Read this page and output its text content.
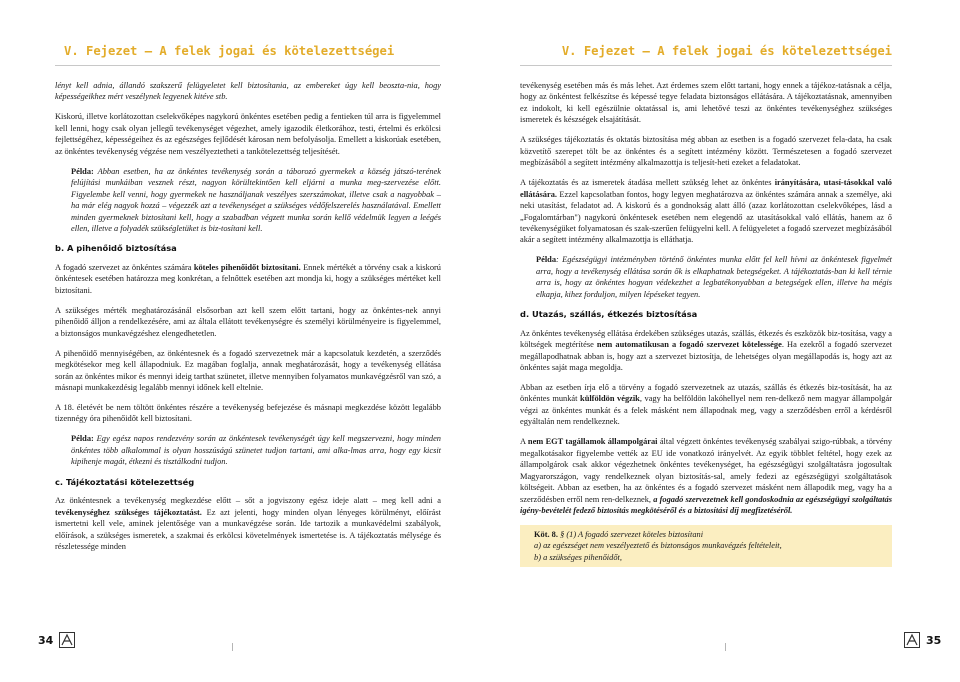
V. Fejezet – A felek jogai és kötelezettségei

lényt kell adnia, állandó szakszerű felügyeletet kell biztosítania, az embereket úgy kell beoszta-nia, hogy képességeikhez mért veszélynek legyenek kitéve stb.

Kiskorú, illetve korlátozottan cselekvőképes nagykorú önkéntes esetében pedig a fentieken túl arra is figyelemmel kell lenni, hogy csak olyan jellegű tevékenységet végezhet, amely igazodik életkorához, testi, értelmi és erkölcsi fejlettségéhez, képességeihez és az egészséges fejlődését károsan nem befolyásolja. Emellett a kiskorúak esetében, az önkéntes tevékenység végzése nem veszélyeztetheti a tankötelezettség teljesítését.

Példa: Abban esetben, ha az önkéntes tevékenység során a táborozó gyermekek a község játszó-terének felújítási munkáiban vesznek részt, nagyon körültekintően kell eljárni a munka meg-szervezése előtt. Figyelembe kell venni, hogy gyermekek ne használjanak veszélyes szerszámokat, illetve csak a nagyobbak – ha már elég nagyok hozzá – végezzék azt a tevékenységet a szükséges védőfelszerelés használatával. Emellett minden gyermeknek biztosítani kell, hogy a szabadban végzett munka során kellő védelmük legyen a leégés ellen, illetve a folyadék szükségletüket is biz-tosítani kell.

b. A pihenőidő biztosítása

A fogadó szervezet az önkéntes számára köteles pihenőidőt biztosítani. Ennek mértékét a törvény csak a kiskorú önkéntesek esetében határozza meg konkrétan, a felnőttek esetében azt mondja ki, hogy a szükséges mértéket kell biztosítani.

A szükséges mérték meghatározásánál elsősorban azt kell szem előtt tartani, hogy az önkéntes-nek annyi pihenőidő álljon a rendelkezésére, ami az általa ellátott tevékenységre és személyi körülményeire is figyelemmel, a biztonságos munkavégzéshez elengedhetetlen.

A pihenőidő mennyiségében, az önkéntesnek és a fogadó szervezetnek már a kapcsolatuk kezdetén, a szerződés megkötésekor meg kell állapodniuk. Ez magában foglalja, annak meghatározását, hogy a tevékenység ellátása során az önkéntes mikor és mennyi ideig tarthat szünetet, illetve mennyiben folyamatos munkavégzésről van szó, a másnapi munkakezdésig legalább mennyi időnek kell eltelnie.

A 18. életévét be nem töltött önkéntes részére a tevékenység befejezése és másnapi megkezdése között legalább tizennégy óra pihenőidőt kell biztosítani.

Példa: Egy egész napos rendezvény során az önkéntesek tevékenységét úgy kell megszervezni, hogy minden önkéntes több alkalommal is olyan hosszúságú szünetet tudjon tartani, ami alka-lmas arra, hogy egy kicsit kipihenje magát, étkezni és tisztálkodni tudjon.

c. Tájékoztatási kötelezettség

Az önkéntesnek a tevékenység megkezdése előtt – sőt a jogviszony egész ideje alatt – meg kell adni a tevékenységhez szükséges tájékoztatást. Ez azt jelenti, hogy minden olyan lényeges körülményt, előírást ismertetni kell vele, aminek jelentősége van a munkavégzése során. Ide tartozik a munkavédelmi szabályok, előírások, a szükséges ismeretek, a szakmai és erkölcsi követelmények ismertetése is. A tájékoztatás mélysége és részletessége minden

34
V. Fejezet – A felek jogai és kötelezettségei

tevékenység esetében más és más lehet. Azt érdemes szem előtt tartani, hogy ennek a tájékoz-tatásnak a célja, hogy az önkéntest felkészítse és képessé tegye feladata biztonságos ellátására. A tájékoztatásnak, amennyiben ez indokolt, ki kell egészülnie oktatással is, ami lehetővé teszi az önkéntes tevékenységhez szükséges ismeretek és készségek elsajátítását.

A szükséges tájékoztatás és oktatás biztosítása még abban az esetben is a fogadó szervezet fela-data, ha csak közvetítő szerepet tölt be az önkéntes és a segített intézmény között. Természetesen a fogadó szervezet megbízásából a segített intézmény alkalmazottja is teljesít-heti ezeket a feladatokat.

A tájékoztatás és az ismeretek átadása mellett szükség lehet az önkéntes irányítására, utasí-tásokkal való ellátására. Ezzel kapcsolatban fontos, hogy legyen meghatározva az önkéntes számára annak a személye, aki neki utasítást, feladatot ad. A kiskorú és a gondnokság alatt álló (azaz korlátozottan cselekvőképes, lásd a „Fogalomtárban") nagykorú önkéntesek esetében nem elegendő az utasításokkal való ellátás, hanem az ő tevékenységüket folyamatosan és szak-szerűen felügyelni kell. A felügyeletet a fogadó szervezet megbízásából akár a segített intézmény alkalmazottja is elláthatja.

Példa: Egészségügyi intézményben történő önkéntes munka előtt fel kell hívni az önkéntesek figyelmét arra, hogy a tevékenység ellátása során ők is elkaphatnak betegségeket. A tájékoztatás-ban ki kell térnie arra is, hogy az önkéntes hogyan védekezhet a legbatékonyabban a betegségek ellen, illetve ha mégis elkapja, kihez forduljon, milyen lépéseket tegyen.

d. Utazás, szállás, étkezés biztosítása

Az önkéntes tevékenység ellátása érdekében szükséges utazás, szállás, étkezés és eszközök biz-tosítása, vagy a költségek megtérítése nem automatikusan a fogadó szervezet kötelessége. Ha ezekről a fogadó szervezet megállapodhatnak abban is, hogy azt a szervezet biztosítja, de lehetséges olyan megállapodás is, hogy azt az önkéntes saját maga megoldja.

Abban az esetben írja elő a törvény a fogadó szervezetnek az utazás, szállás és étkezés biz-tosítását, ha az önkéntes munkát külföldön végzik, vagy ha belföldön lakóhellyel nem ren-delkező nem magyar állampolgár végzi az önkéntes munkát és a felek másként nem állapodnak meg, vagy a szerződésben erről a kérdésről egyáltalán nem rendelkeznek.

A nem EGT tagállamok állampolgárai által végzett önkéntes tevékenység szabályai szigo-rúbbak, a törvény megalkotásakor figyelembe vették az EU ide vonatkozó irányelvét. Az egyik többlet feltétel, hogy ezek az állampolgárok csak akkor végezhetnek önkéntes tevékenységet, ha egészségügyi szolgáltatásra jogosultak Magyarországon, vagy rendelkeznek olyan biztosítás-sal, amely fedezi az egészségügyi szolgáltatások költségeit. Abban az esetben, ha az önkéntes és a fogadó szervezet másként nem állapodik meg, vagy ha a szerződésben erről nem ren-delkeznek, a fogadó szervezetnek kell gondoskodnia az egészségügyi szolgáltatás igény-bevételét fedező biztosítás megkötéséről és a biztosítási díj megfizetéséről.

Köt. 8. § (1) A fogadó szervezet köteles biztosítani

a) az egészséget nem veszélyeztető és biztonságos munkavégzés feltételeit,

b) a szükséges pihenőidőt,

35
